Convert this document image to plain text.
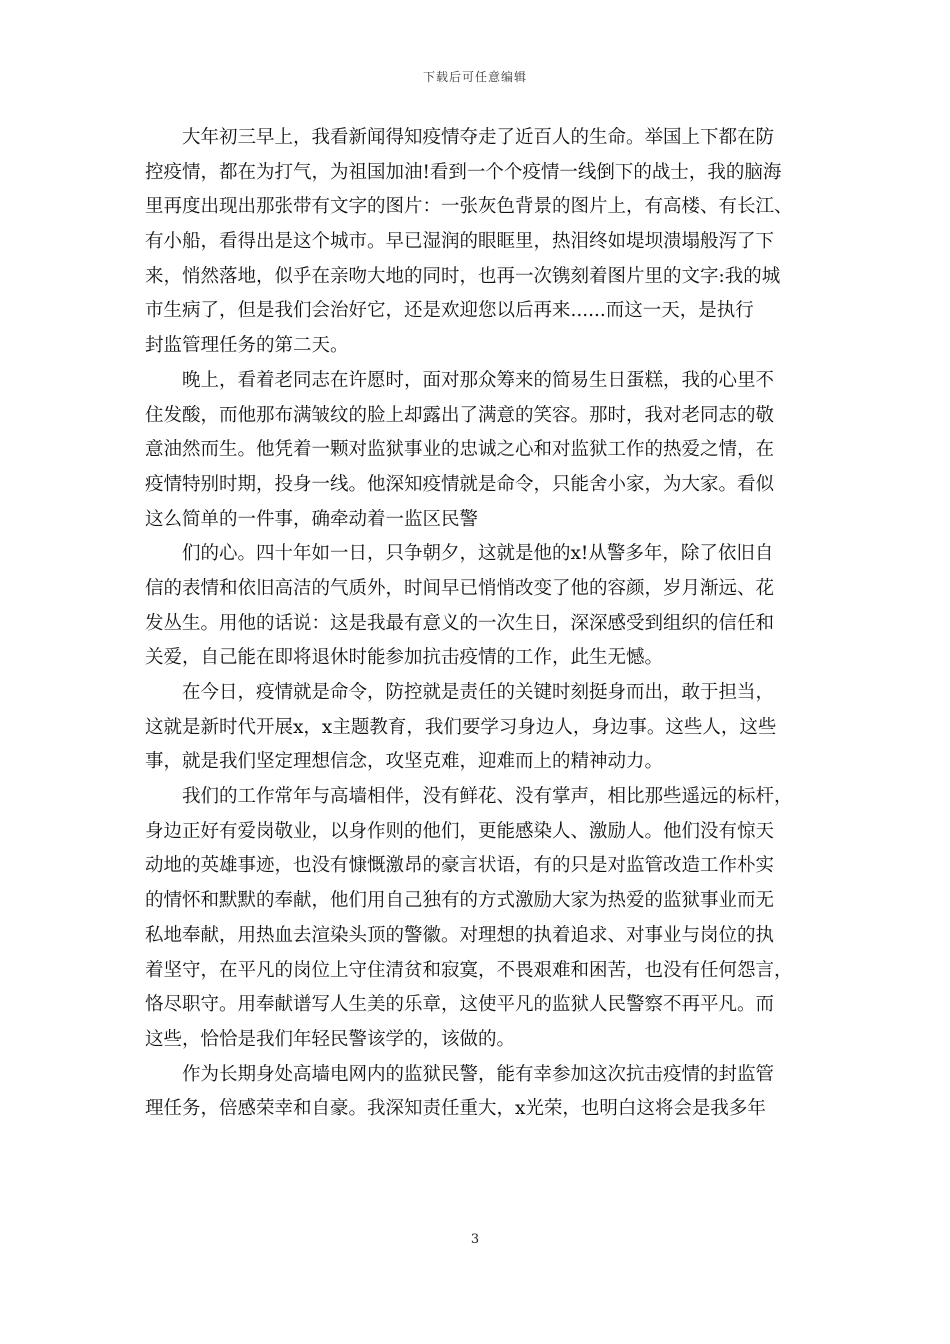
下载后可任意编辑
大年初三早上，我看新闻得知疫情夺走了近百人的生命。举国上下都在防
控疫情，都在为打气，为祖国加油!看到一个个疫情一线倒下的战士，我的脑海
里再度出现出那张带有文字的图片：一张灰色背景的图片上，有高楼、有长江、
有小船，看得出是这个城市。早已湿润的眼眶里，热泪终如堤坝溃塌般泻了下
来，悄然落地，似乎在亲吻大地的同时，也再一次镌刻着图片里的文字:我的城
市生病了，但是我们会治好它，还是欢迎您以后再来......而这一天，是执行
封监管理任务的第二天。
晚上，看着老同志在许愿时，面对那众筹来的简易生日蛋糕，我的心里不
住发酸，而他那布满皱纹的脸上却露出了满意的笑容。那时，我对老同志的敬
意油然而生。他凭着一颗对监狱事业的忠诚之心和对监狱工作的热爱之情，在
疫情特别时期，投身一线。他深知疫情就是命令，只能舍小家，为大家。看似
这么简单的一件事，确牵动着一监区民警
们的心。四十年如一日，只争朝夕，这就是他的x!从警多年，除了依旧自
信的表情和依旧高洁的气质外，时间早已悄悄改变了他的容颜，岁月渐远、花
发丛生。用他的话说：这是我最有意义的一次生日，深深感受到组织的信任和
关爱，自己能在即将退休时能参加抗击疫情的工作，此生无憾。
在今日，疫情就是命令，防控就是责任的关键时刻挺身而出，敢于担当，
这就是新时代开展x，x主题教育，我们要学习身边人，身边事。这些人，这些
事，就是我们坚定理想信念，攻坚克难，迎难而上的精神动力。
我们的工作常年与高墙相伴，没有鲜花、没有掌声，相比那些遥远的标杆，
身边正好有爱岗敬业，以身作则的他们，更能感染人、激励人。他们没有惊天
动地的英雄事迹，也没有慷慨激昂的豪言状语，有的只是对监管改造工作朴实
的情怀和默默的奉献，他们用自己独有的方式激励大家为热爱的监狱事业而无
私地奉献，用热血去渲染头顶的警徽。对理想的执着追求、对事业与岗位的执
着坚守，在平凡的岗位上守住清贫和寂寞，不畏艰难和困苦，也没有任何怨言，
恪尽职守。用奉献谱写人生美的乐章，这使平凡的监狱人民警察不再平凡。而
这些，恰恰是我们年轻民警该学的，该做的。
作为长期身处高墙电网内的监狱民警，能有幸参加这次抗击疫情的封监管
理任务，倍感荣幸和自豪。我深知责任重大，x光荣，也明白这将会是我多年
3
